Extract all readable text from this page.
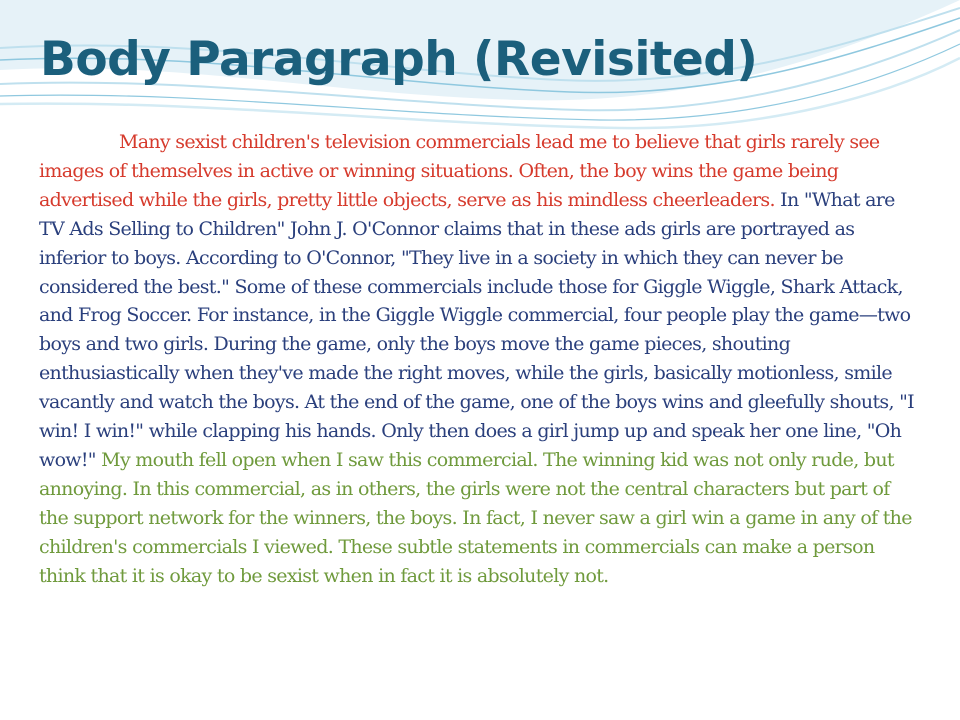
Body Paragraph (Revisited)

Many sexist children's television commercials lead me to believe that girls rarely see images of themselves in active or winning situations. Often, the boy wins the game being advertised while the girls, pretty little objects, serve as his mindless cheerleaders. In "What are TV Ads Selling to Children" John J. O'Connor claims that in these ads girls are portrayed as inferior to boys. According to O'Connor, "They live in a society in which they can never be considered the best." Some of these commercials include those for Giggle Wiggle, Shark Attack, and Frog Soccer. For instance, in the Giggle Wiggle commercial, four people play the game—two boys and two girls. During the game, only the boys move the game pieces, shouting enthusiastically when they've made the right moves, while the girls, basically motionless, smile vacantly and watch the boys. At the end of the game, one of the boys wins and gleefully shouts, "I win! I win!" while clapping his hands. Only then does a girl jump up and speak her one line, "Oh wow!" My mouth fell open when I saw this commercial. The winning kid was not only rude, but annoying. In this commercial, as in others, the girls were not the central characters but part of the support network for the winners, the boys. In fact, I never saw a girl win a game in any of the children's commercials I viewed. These subtle statements in commercials can make a person think that it is okay to be sexist when in fact it is absolutely not.
